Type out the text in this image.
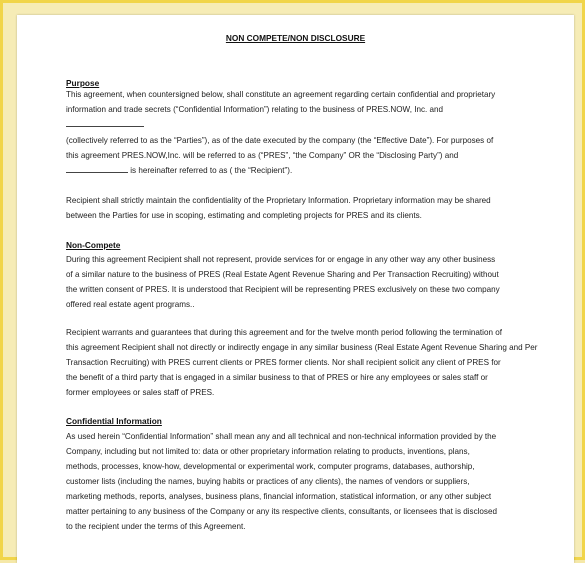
NON COMPETE/NON DISCLOSURE
Purpose
This agreement, when countersigned below, shall constitute an agreement regarding certain confidential and proprietary
information and trade secrets (“Confidential Information”) relating to the business of PRES.NOW, Inc. and
(collectively referred to as the “Parties”), as of the date executed by the company (the “Effective Date”). For purposes of
this agreement PRES.NOW,Inc. will be referred to as (“PRES”, “the Company” OR the “Disclosing Party”) and
is hereinafter referred to as ( the “Recipient”).
Recipient shall strictly maintain the confidentiality of the Proprietary Information. Proprietary information may be shared
between the Parties for use in scoping, estimating and completing projects for PRES and its clients.
Non-Compete
During this agreement Recipient shall not represent, provide services for or engage in any other way any other business
of a similar nature to the business of PRES (Real Estate Agent Revenue Sharing and Per Transaction Recruiting) without
the written consent of PRES. It is understood that Recipient will be representing PRES exclusively on these two company
offered real estate agent programs..
Recipient warrants and guarantees that during this agreement and for the twelve month period following the termination of
this agreement Recipient shall not directly or indirectly engage in any similar business (Real Estate Agent Revenue Sharing and Per
Transaction Recruiting) with PRES current clients or PRES former clients. Nor shall recipient solicit any client of PRES for
the benefit of a third party that is engaged in a similar business to that of PRES or hire any employees or sales staff or
former employees or sales staff of PRES.
Confidential Information
As used herein “Confidential Information” shall mean any and all technical and non-technical information provided by the
Company, including but not limited to: data or other proprietary information relating to products, inventions, plans,
methods, processes, know-how, developmental or experimental work, computer programs, databases, authorship,
customer lists (including the names, buying habits or practices of any clients), the names of vendors or suppliers,
marketing methods, reports, analyses, business plans, financial information, statistical information, or any other subject
matter pertaining to any business of the Company or any its respective clients, consultants, or licensees that is disclosed
to the recipient under the terms of this Agreement.
